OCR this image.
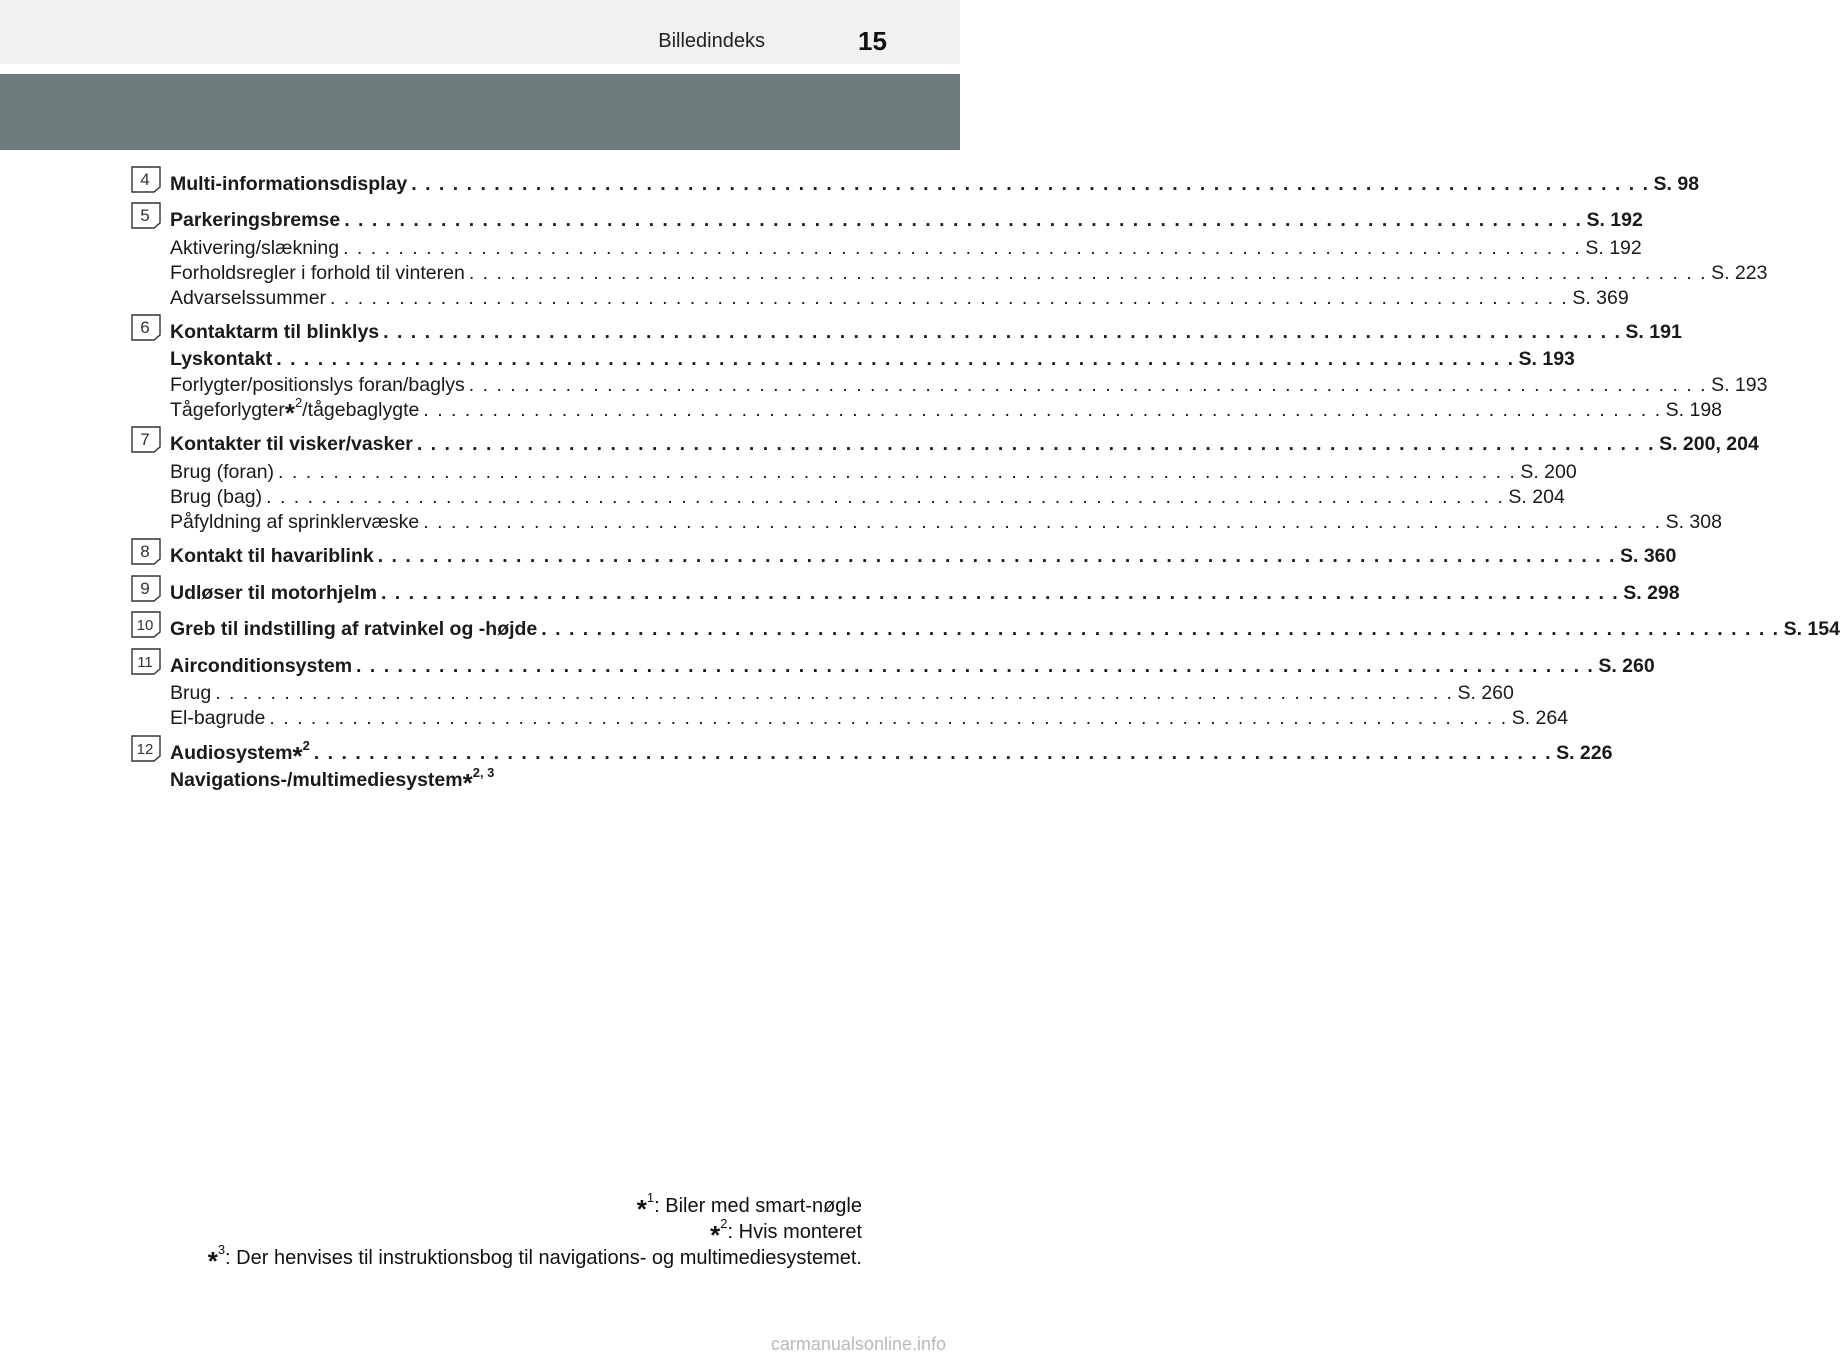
Billedindeks	15
4 Multi-informationsdisplay . . . . . . . . . . . . . . . . . . . . . . . . . . . . . . . . . . . . . . . . . . . . . . . . . . . . . . . . . . . . . . . . . . . . . . . . . . . . . . . . . . . . . . . . . . S. 98
5 Parkeringsbremse . . . . . . . . . . . . . . . . . . . . . . . . . . . . . . . . . . . . . . . . . . . . . . . . . . . . . . . . . . . . . . . . . . . . . . . . . . . . . . . . . . . . . . . . . . S. 192
Aktivering/slækning . . . . . . . . . . . . . . . . . . . . . . . . . . . . . . . . . . . . . . . . . . . . . . . . . . . . . . . . . . . . . . . . . . . . . . . . . . . . . . . . . . . . . . . . . . S. 192
Forholdsregler i forhold til vinteren . . . . . . . . . . . . . . . . . . . . . . . . . . . . . . . . . . . . . . . . . . . . . . . . . . . . . . . . . . . . . . . . . . . . . . . . . . . . . . . . . . . . . . . . . . S. 223
Advarselssummer . . . . . . . . . . . . . . . . . . . . . . . . . . . . . . . . . . . . . . . . . . . . . . . . . . . . . . . . . . . . . . . . . . . . . . . . . . . . . . . . . . . . . . . . . . S. 369
6 Kontaktarm til blinklys . . . . . . . . . . . . . . . . . . . . . . . . . . . . . . . . . . . . . . . . . . . . . . . . . . . . . . . . . . . . . . . . . . . . . . . . . . . . . . . . . . . . . . . . . . S. 191
Lyskontakt . . . . . . . . . . . . . . . . . . . . . . . . . . . . . . . . . . . . . . . . . . . . . . . . . . . . . . . . . . . . . . . . . . . . . . . . . . . . . . . . . . . . . . . . . . S. 193
Forlygter/positionslys foran/baglys . . . . . . . . . . . . . . . . . . . . . . . . . . . . . . . . . . . . . . . . . . . . . . . . . . . . . . . . . . . . . . . . . . . . . . . . . . . . . . . . . . . . . . . . . . S. 193
Tågeforlygter*$^2$/tågebaglygte . . . . . . . . . . . . . . . . . . . . . . . . . . . . . . . . . . . . . . . . . . . . . . . . . . . . . . . . . . . . . . . . . . . . . . . . . . . . . . . . . . . . . . . . . . S. 198
7 Kontakter til visker/vasker . . . . . . . . . . . . . . . . . . . . . . . . . . . . . . . . . . . . . . . . . . . . . . . . . . . . . . . . . . . . . . . . . . . . . . . . . . . . . . . . . . . . . . . . . . S. 200, 204
Brug (foran) . . . . . . . . . . . . . . . . . . . . . . . . . . . . . . . . . . . . . . . . . . . . . . . . . . . . . . . . . . . . . . . . . . . . . . . . . . . . . . . . . . . . . . . . . . S. 200
Brug (bag) . . . . . . . . . . . . . . . . . . . . . . . . . . . . . . . . . . . . . . . . . . . . . . . . . . . . . . . . . . . . . . . . . . . . . . . . . . . . . . . . . . . . . . . . . . S. 204
Påfyldning af sprinklervæske . . . . . . . . . . . . . . . . . . . . . . . . . . . . . . . . . . . . . . . . . . . . . . . . . . . . . . . . . . . . . . . . . . . . . . . . . . . . . . . . . . . . . . . . . . S. 308
8 Kontakt til havariblink . . . . . . . . . . . . . . . . . . . . . . . . . . . . . . . . . . . . . . . . . . . . . . . . . . . . . . . . . . . . . . . . . . . . . . . . . . . . . . . . . . . . . . . . . . S. 360
9 Udløser til motorhjelm . . . . . . . . . . . . . . . . . . . . . . . . . . . . . . . . . . . . . . . . . . . . . . . . . . . . . . . . . . . . . . . . . . . . . . . . . . . . . . . . . . . . . . . . . . S. 298
10 Greb til indstilling af ratvinkel og -højde . . . . . . . . . . . . . . . . . . . . . . . . . . . . . . . . . . . . . . . . . . . . . . . . . . . . . . . . . . . . . . . . . . . . . . . . . . . . . . . . . . . . . . . . . . S. 154
11 Airconditionsystem . . . . . . . . . . . . . . . . . . . . . . . . . . . . . . . . . . . . . . . . . . . . . . . . . . . . . . . . . . . . . . . . . . . . . . . . . . . . . . . . . . . . . . . . . . S. 260
Brug . . . . . . . . . . . . . . . . . . . . . . . . . . . . . . . . . . . . . . . . . . . . . . . . . . . . . . . . . . . . . . . . . . . . . . . . . . . . . . . . . . . . . . . . . . S. 260
El-bagrude . . . . . . . . . . . . . . . . . . . . . . . . . . . . . . . . . . . . . . . . . . . . . . . . . . . . . . . . . . . . . . . . . . . . . . . . . . . . . . . . . . . . . . . . . . S. 264
12 Audiosystem*$^2$ . . . . . . . . . . . . . . . . . . . . . . . . . . . . . . . . . . . . . . . . . . . . . . . . . . . . . . . . . . . . . . . . . . . . . . . . . . . . . . . . . . . . . . . . . . S. 226
Navigations-/multimediesystem*$^{2, 3}$
*$^1$: Biler med smart-nøgle
*$^2$: Hvis monteret
*$^3$: Der henvises til instruktionsbog til navigations- og multimediesystemet.
carmanualsonline.info
